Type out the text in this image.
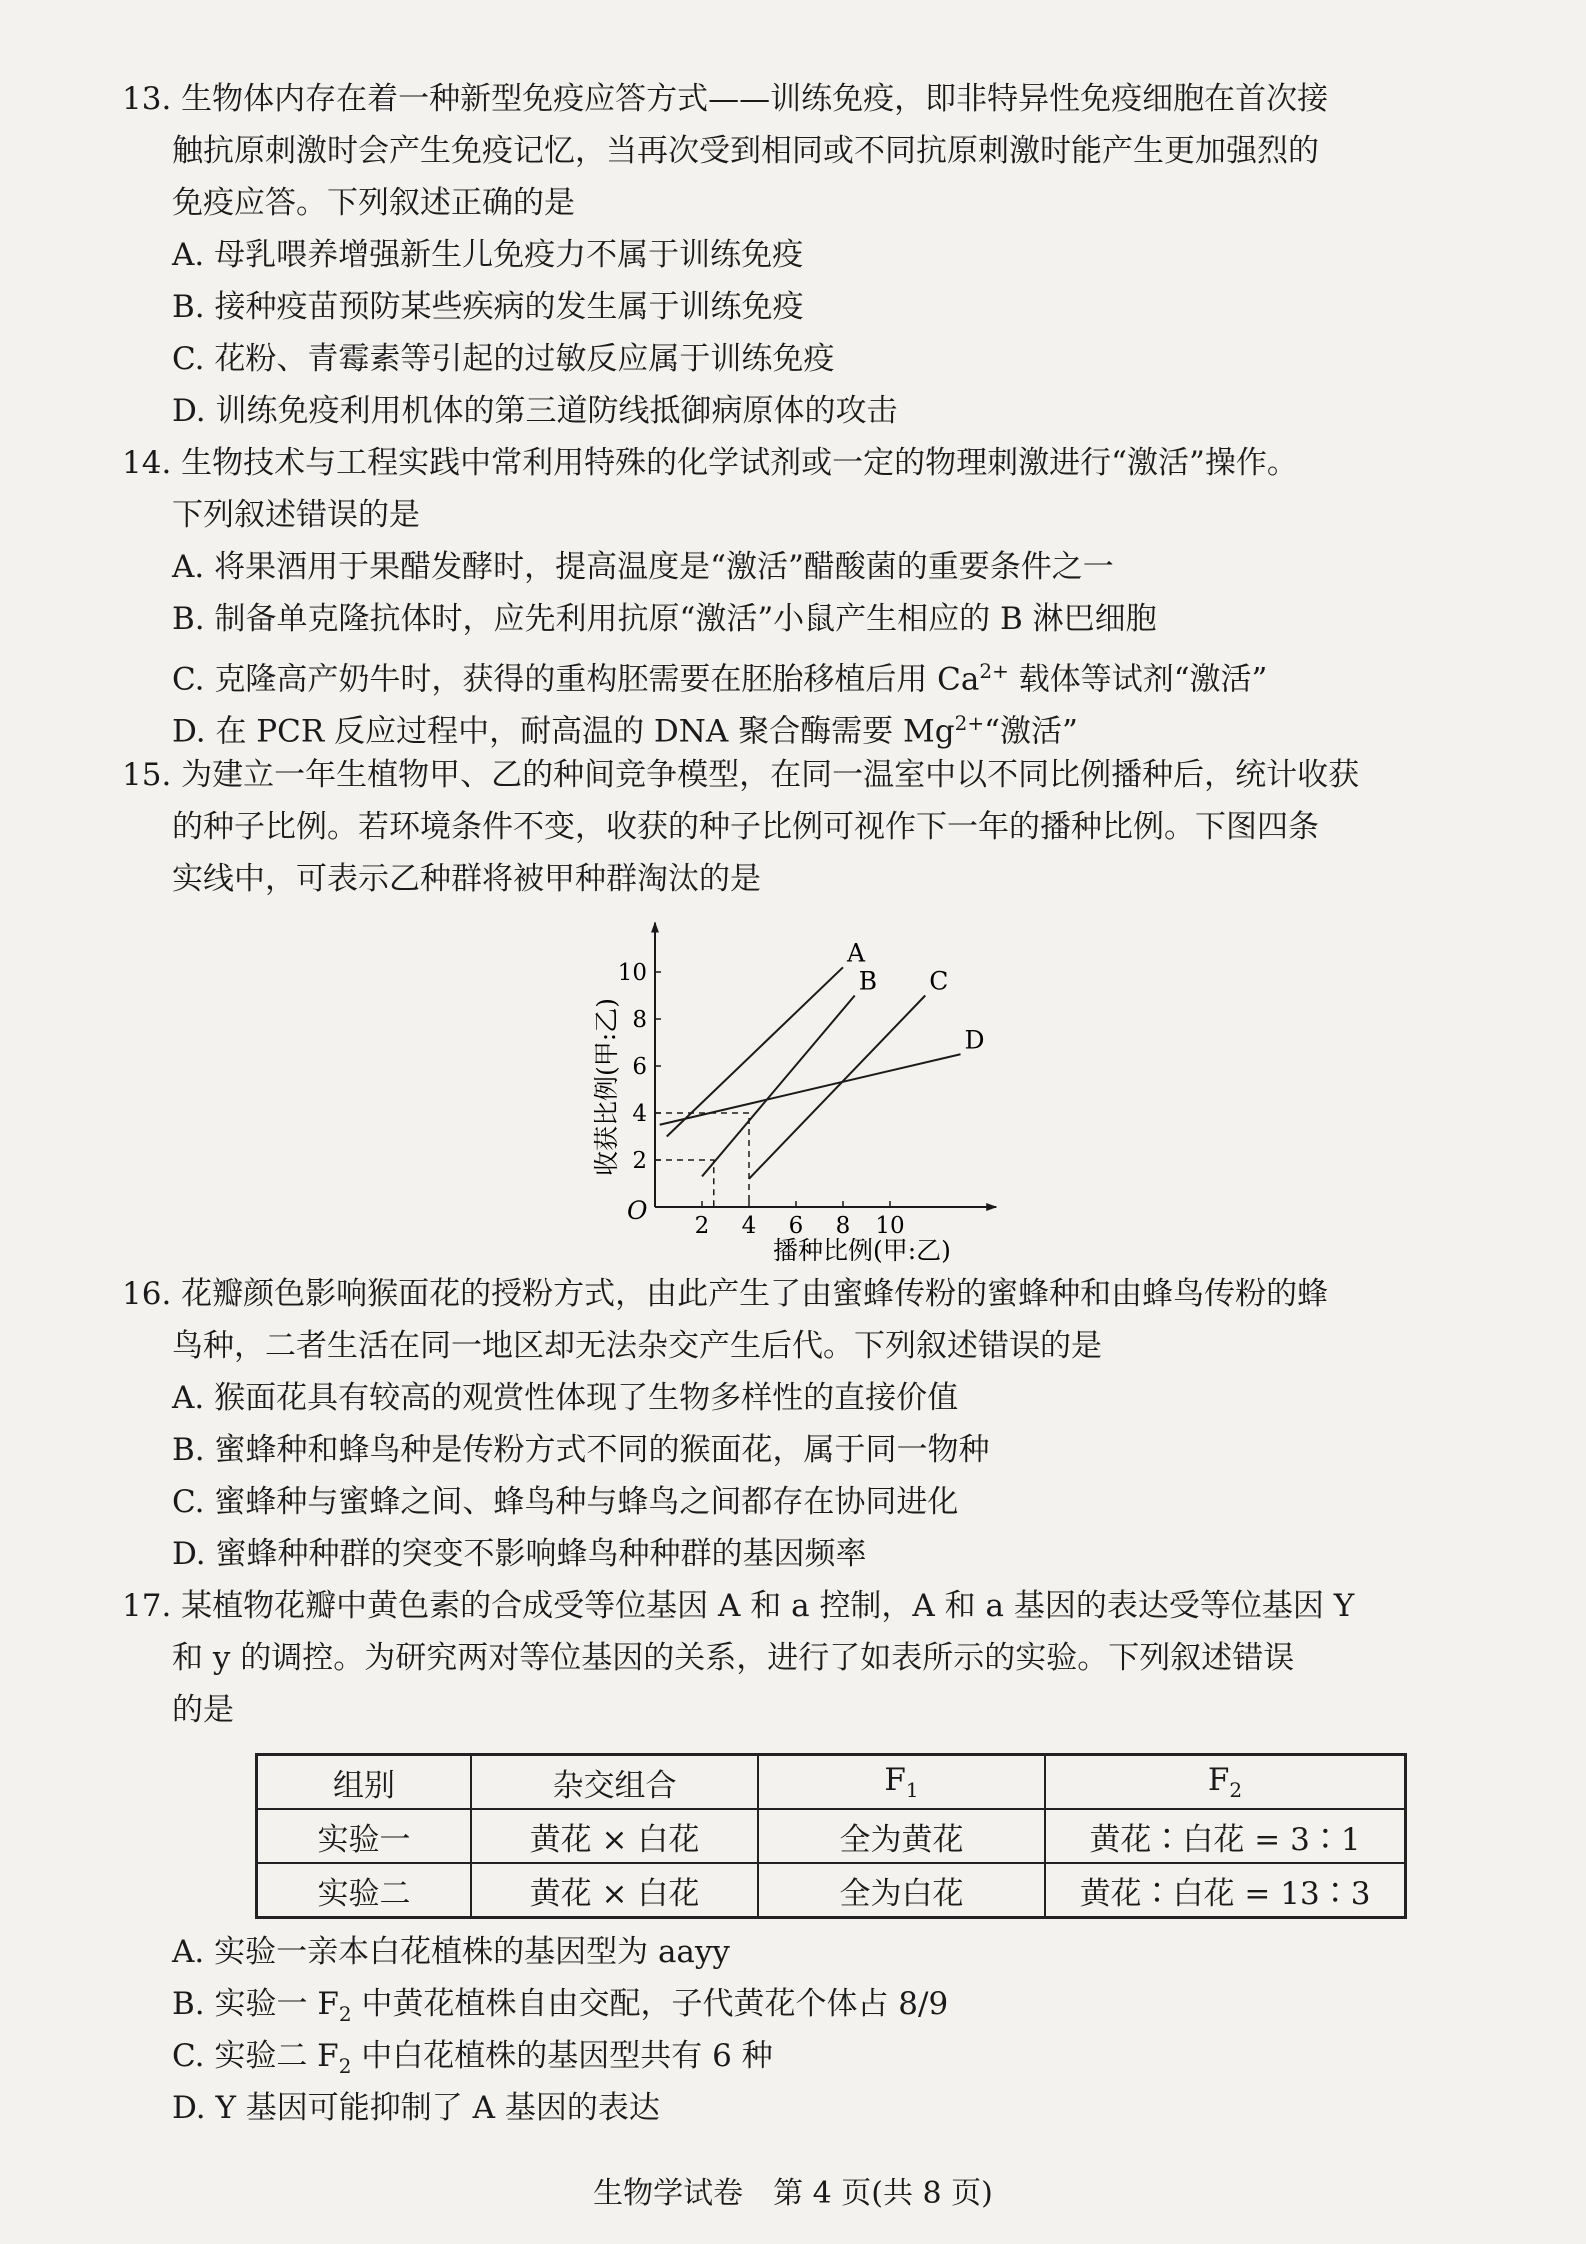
13. 生物体内存在着一种新型免疫应答方式——训练免疫，即非特异性免疫细胞在首次接
触抗原刺激时会产生免疫记忆，当再次受到相同或不同抗原刺激时能产生更加强烈的
免疫应答。下列叙述正确的是
A. 母乳喂养增强新生儿免疫力不属于训练免疫
B. 接种疫苗预防某些疾病的发生属于训练免疫
C. 花粉、青霉素等引起的过敏反应属于训练免疫
D. 训练免疫利用机体的第三道防线抵御病原体的攻击
14. 生物技术与工程实践中常利用特殊的化学试剂或一定的物理刺激进行“激活”操作。
下列叙述错误的是
A. 将果酒用于果醋发酵时，提高温度是“激活”醋酸菌的重要条件之一
B. 制备单克隆抗体时，应先利用抗原“激活”小鼠产生相应的 B 淋巴细胞
C. 克隆高产奶牛时，获得的重构胚需要在胚胎移植后用 $Ca^{2+}$ 载体等试剂“激活”
D. 在 PCR 反应过程中，耐高温的 DNA 聚合酶需要 $Mg^{2+}“$激活”
15. 为建立一年生植物甲、乙的种间竞争模型，在同一温室中以不同比例播种后，统计收获
的种子比例。若环境条件不变，收获的种子比例可视作下一年的播种比例。下图四条
实线中，可表示乙种群将被甲种群淘汰的是
O
2 4 6 8 10
2
4
6
8
10
A
B C
D
播种比例(甲:乙)
收获比例(甲:乙)
16. 花瓣颜色影响猴面花的授粉方式，由此产生了由蜜蜂传粉的蜜蜂种和由蜂鸟传粉的蜂
鸟种，二者生活在同一地区却无法杂交产生后代。下列叙述错误的是
A. 猴面花具有较高的观赏性体现了生物多样性的直接价值
B. 蜜蜂种和蜂鸟种是传粉方式不同的猴面花，属于同一物种
C. 蜜蜂种与蜜蜂之间、蜂鸟种与蜂鸟之间都存在协同进化
D. 蜜蜂种种群的突变不影响蜂鸟种种群的基因频率
17. 某植物花瓣中黄色素的合成受等位基因 A 和 a 控制，A 和 a 基因的表达受等位基因 Y
和 y 的调控。为研究两对等位基因的关系，进行了如表所示的实验。下列叙述错误
的是
组别	杂交组合	$F_1$	$F_2$
实验一	黄花 × 白花	全为黄花	黄花∶白花 = 3∶1
实验二	黄花 × 白花	全为白花	黄花∶白花 = 13∶3
A. 实验一亲本白花植株的基因型为 aayy
B. 实验一 $F_2$ 中黄花植株自由交配，子代黄花个体占 8/9
C. 实验二 $F_2$ 中白花植株的基因型共有 6 种
D. Y 基因可能抑制了 A 基因的表达
生物学试卷　第 4 页(共 8 页)
